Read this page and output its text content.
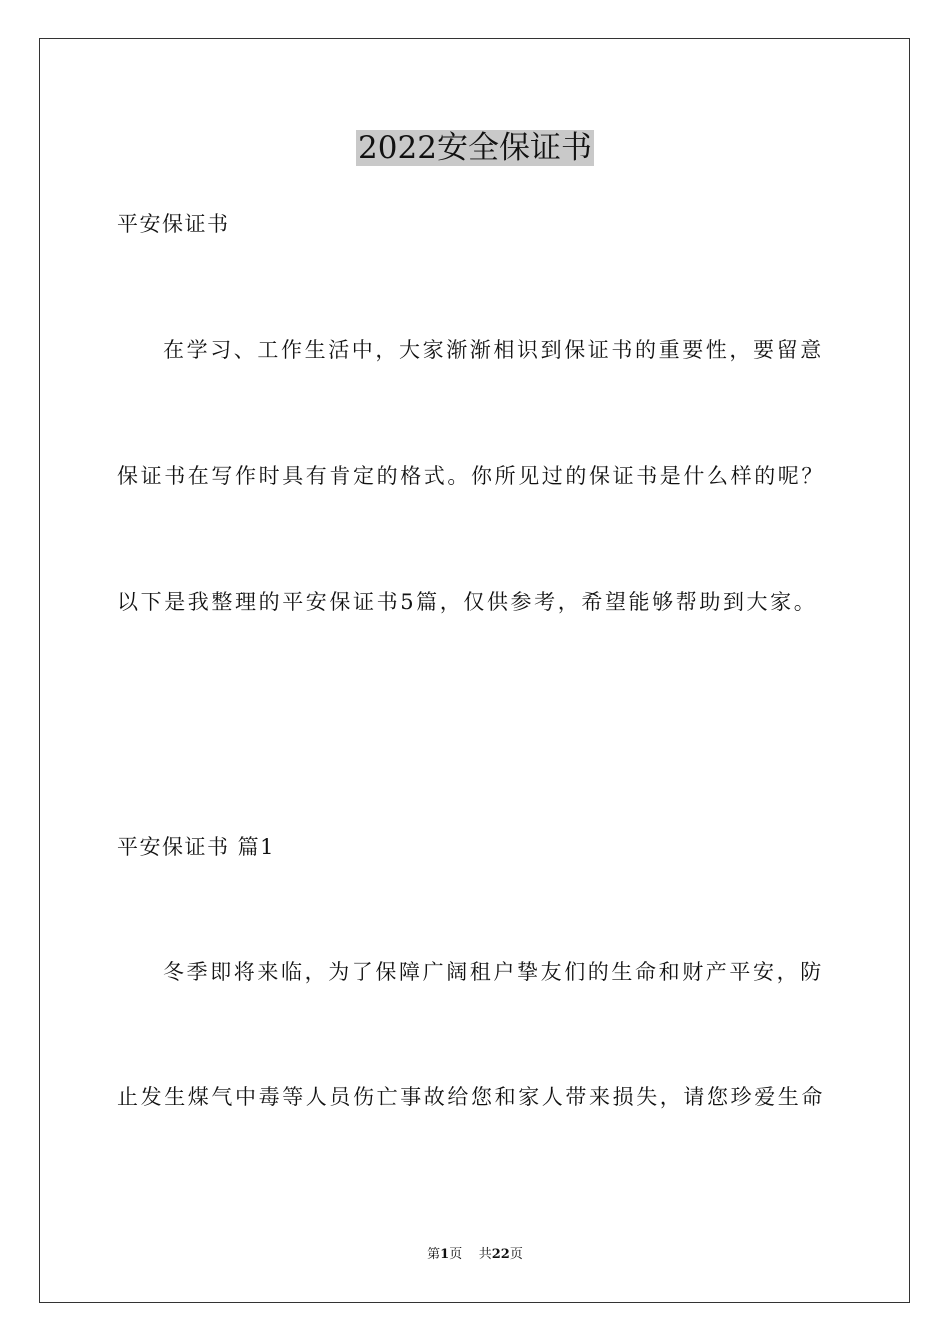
2022安全保证书
平安保证书
在学习、工作生活中，大家渐渐相识到保证书的重要性，要留意
保证书在写作时具有肯定的格式。你所见过的保证书是什么样的呢？
以下是我整理的平安保证书5篇，仅供参考，希望能够帮助到大家。
平安保证书 篇1
冬季即将来临，为了保障广阔租户挚友们的生命和财产平安，防
止发生煤气中毒等人员伤亡事故给您和家人带来损失，请您珍爱生命
第1页 共22页
